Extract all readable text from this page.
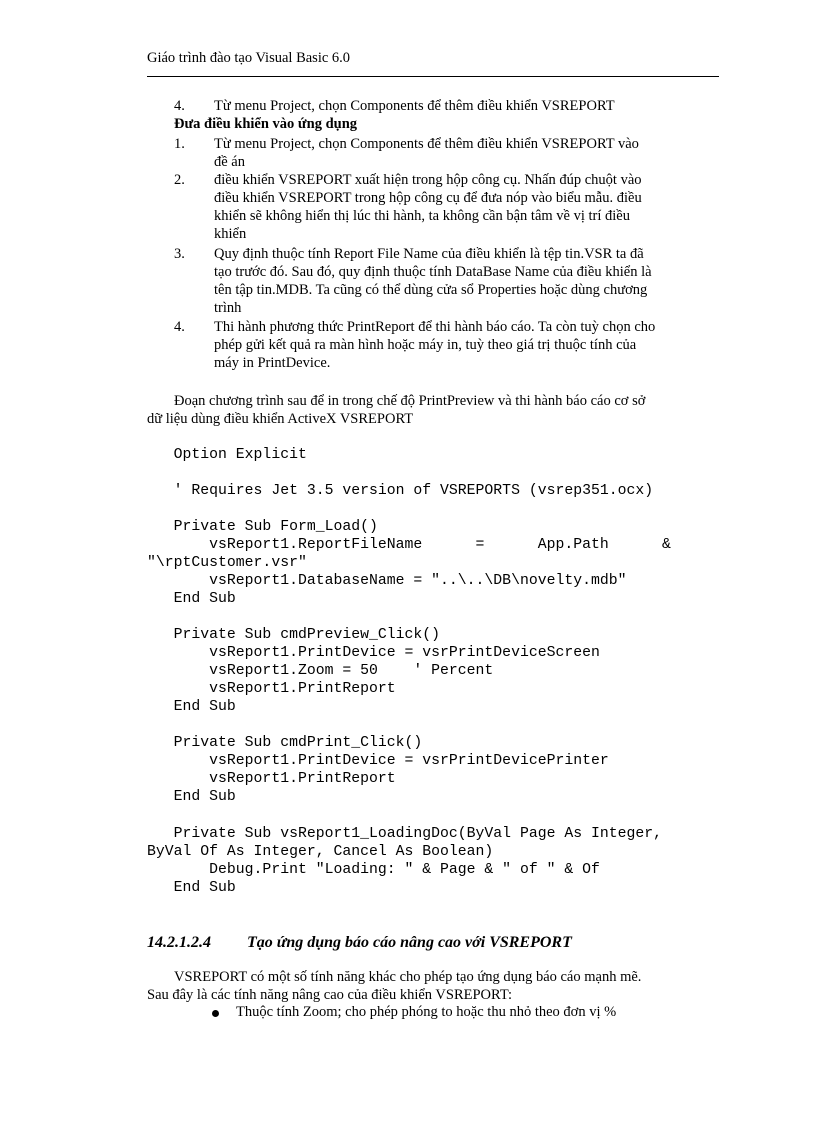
Giáo trình đào tạo Visual Basic 6.0
4. Từ menu Project, chọn Components để thêm điều khiển VSREPORT
Đưa điều khiển vào ứng dụng
1. Từ menu Project, chọn Components để thêm điều khiển VSREPORT vào
đề án
2. điều khiển VSREPORT xuất hiện trong hộp công cụ. Nhấn đúp chuột vào
điều khiển VSREPORT trong hộp công cụ để đưa nóp vào biểu mẫu. điều
khiển sẽ không hiển thị lúc thi hành, ta không cần bận tâm về vị trí điều
khiển
3. Quy định thuộc tính Report File Name của điều khiển là tệp tin.VSR ta đã
tạo trước đó. Sau đó, quy định thuộc tính DataBase Name của điều khiển là
tên tập tin.MDB. Ta cũng có thể dùng cửa sổ Properties hoặc dùng chương
trình
4. Thi hành phương thức PrintReport để thi hành báo cáo. Ta còn tuỳ chọn cho
phép gửi kết quả ra màn hình hoặc máy in, tuỳ theo giá trị thuộc tính của
máy in PrintDevice.
Đoạn chương trình sau để in trong chế độ PrintPreview và thi hành báo cáo cơ sở
dữ liệu dùng điều khiển ActiveX VSREPORT
Option Explicit
' Requires Jet 3.5 version of VSREPORTS (vsrep351.ocx)
Private Sub Form_Load()
vsReport1.ReportFileName      =      App.Path      &
"\rptCustomer.vsr"
vsReport1.DatabaseName = "..\..\DB\novelty.mdb"
End Sub
Private Sub cmdPreview_Click()
vsReport1.PrintDevice = vsrPrintDeviceScreen
vsReport1.Zoom = 50    ' Percent
vsReport1.PrintReport
End Sub
Private Sub cmdPrint_Click()
vsReport1.PrintDevice = vsrPrintDevicePrinter
vsReport1.PrintReport
End Sub
Private Sub vsReport1_LoadingDoc(ByVal Page As Integer,
ByVal Of As Integer, Cancel As Boolean)
Debug.Print "Loading: " & Page & " of " & Of
End Sub
14.2.1.2.4 Tạo ứng dụng báo cáo nâng cao với VSREPORT
VSREPORT có một số tính năng khác cho phép tạo ứng dụng báo cáo mạnh mẽ.
Sau đây là các tính năng nâng cao của điều khiển VSREPORT:
Thuộc tính Zoom; cho phép phóng to hoặc thu nhỏ theo đơn vị %
